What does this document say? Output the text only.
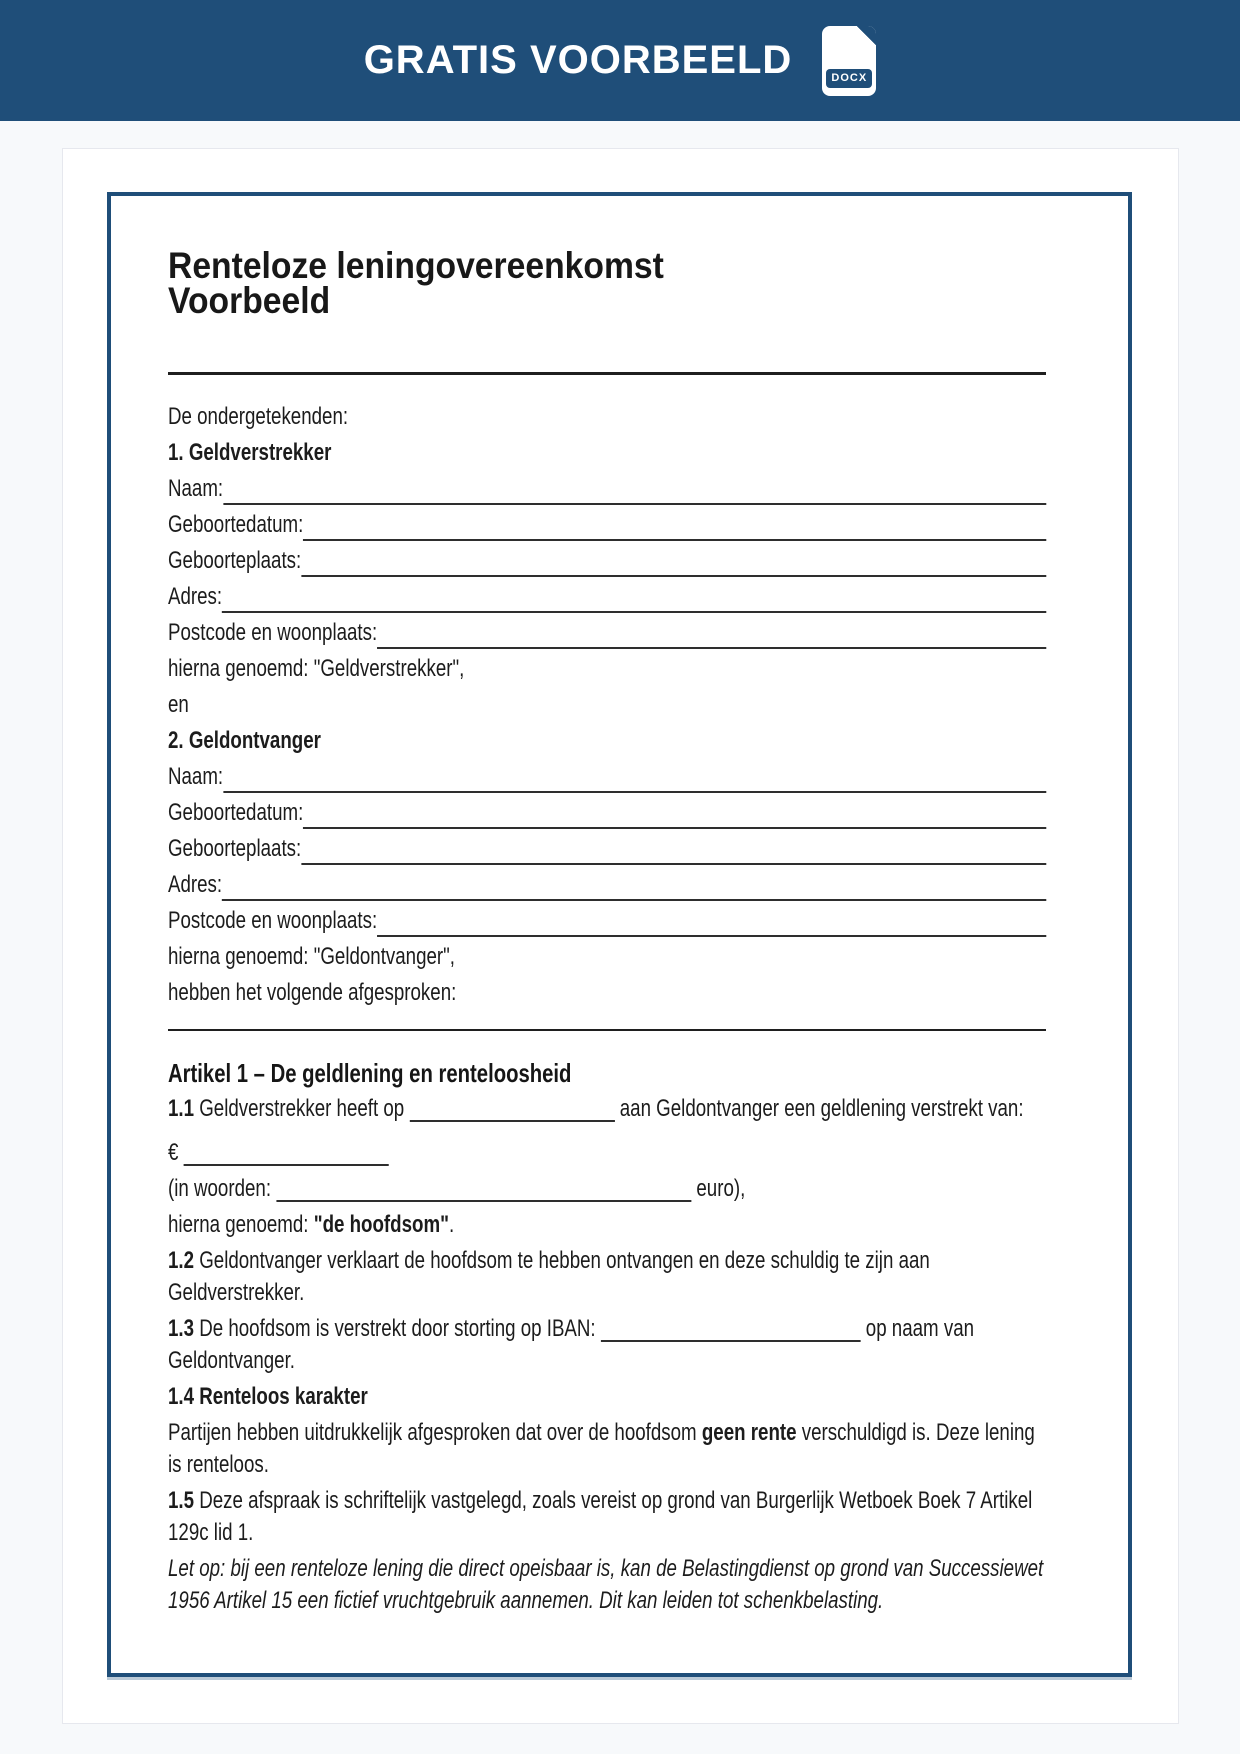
GRATIS VOORBEELD	DOCX
Renteloze leningovereenkomst
Voorbeeld

De ondergetekenden:

1. Geldverstrekker

Naam:
Geboortedatum:
Geboorteplaats:
Adres:
Postcode en woonplaats:

hierna genoemd: "Geldverstrekker",

en

2. Geldontvanger

Naam:
Geboortedatum:
Geboorteplaats:
Adres:
Postcode en woonplaats:

hierna genoemd: "Geldontvanger",

hebben het volgende afgesproken:

Artikel 1 – De geldlening en renteloosheid

1.1 Geldverstrekker heeft op	aan Geldontvanger een geldlening verstrekt van:

€

(in woorden:	euro),

hierna genoemd: "de hoofdsom".

1.2 Geldontvanger verklaart de hoofdsom te hebben ontvangen en deze schuldig te zijn aan Geldverstrekker.

1.3 De hoofdsom is verstrekt door storting op IBAN:	op naam van Geldontvanger.

1.4 Renteloos karakter

Partijen hebben uitdrukkelijk afgesproken dat over de hoofdsom geen rente verschuldigd is. Deze lening is renteloos.

1.5 Deze afspraak is schriftelijk vastgelegd, zoals vereist op grond van Burgerlijk Wetboek Boek 7 Artikel 129c lid 1.

Let op: bij een renteloze lening die direct opeisbaar is, kan de Belastingdienst op grond van Successiewet 1956 Artikel 15 een fictief vruchtgebruik aannemen. Dit kan leiden tot schenkbelasting.
